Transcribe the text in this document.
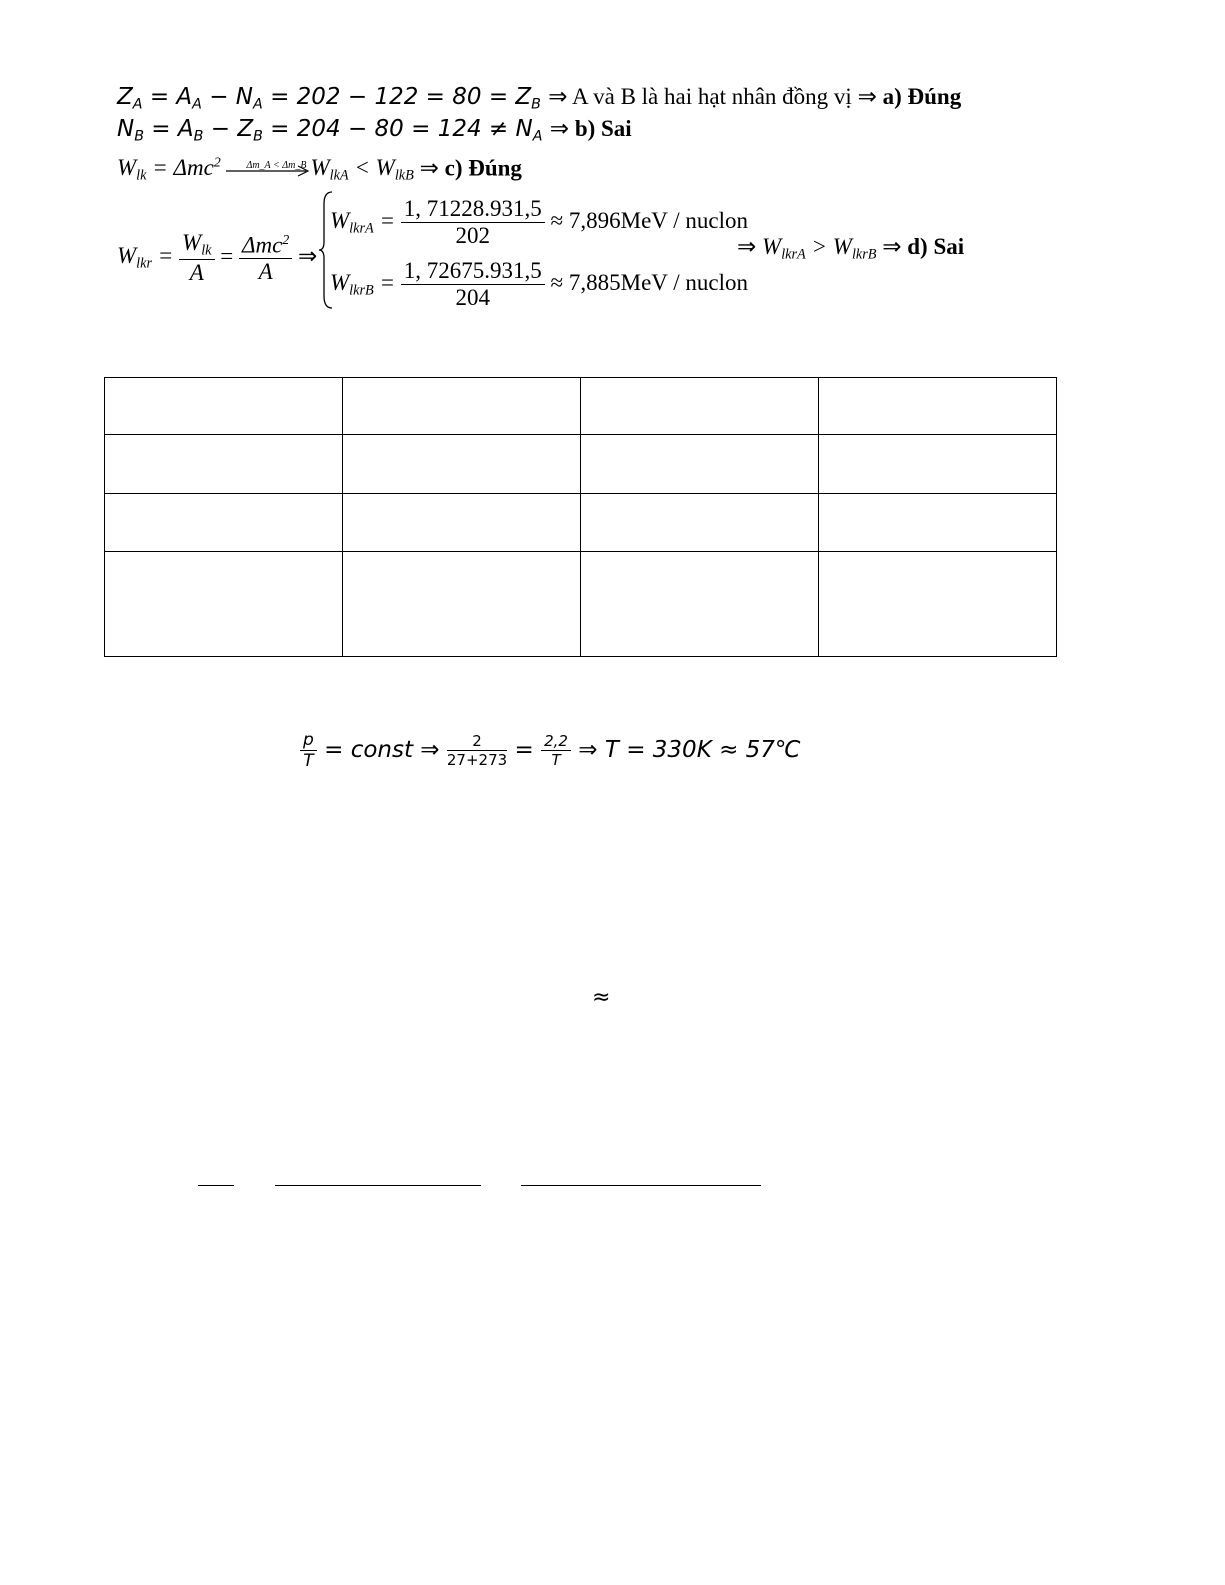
$Z_A = A_A - N_A = 202 - 122 = 80 = Z_B$ ⇒ A và B là hai hạt nhân đồng vị ⇒ a) Đúng
$N_B = A_B - Z_B = 204 - 80 = 124 \ne N_A$ ⇒ b) Sai
$W_{lk} = \Delta mc^2$	Δm_A < Δm_B $W_{lkA} < W_{lkB}$ ⇒ c) Đúng
$W_{lkr} = \frac{W_{lk}}{A} = \frac{\Delta mc^2}{A}$ ⇒
$W_{lkrA} = \frac{1, 71228.931,5}{202} \approx 7,896MeV$ / nuclon
$W_{lkrB} = \frac{1, 72675.931,5}{204} \approx 7,885MeV$ / nuclon
⇒ $W_{lkrA} > W_{lkrB}$ ⇒ d) Sai

$\frac{p}{T}$ = const ⇒ $\frac{2}{27+273} = \frac{2,2}{T}$ ⇒ T = 330K ≈ 57℃
≈
